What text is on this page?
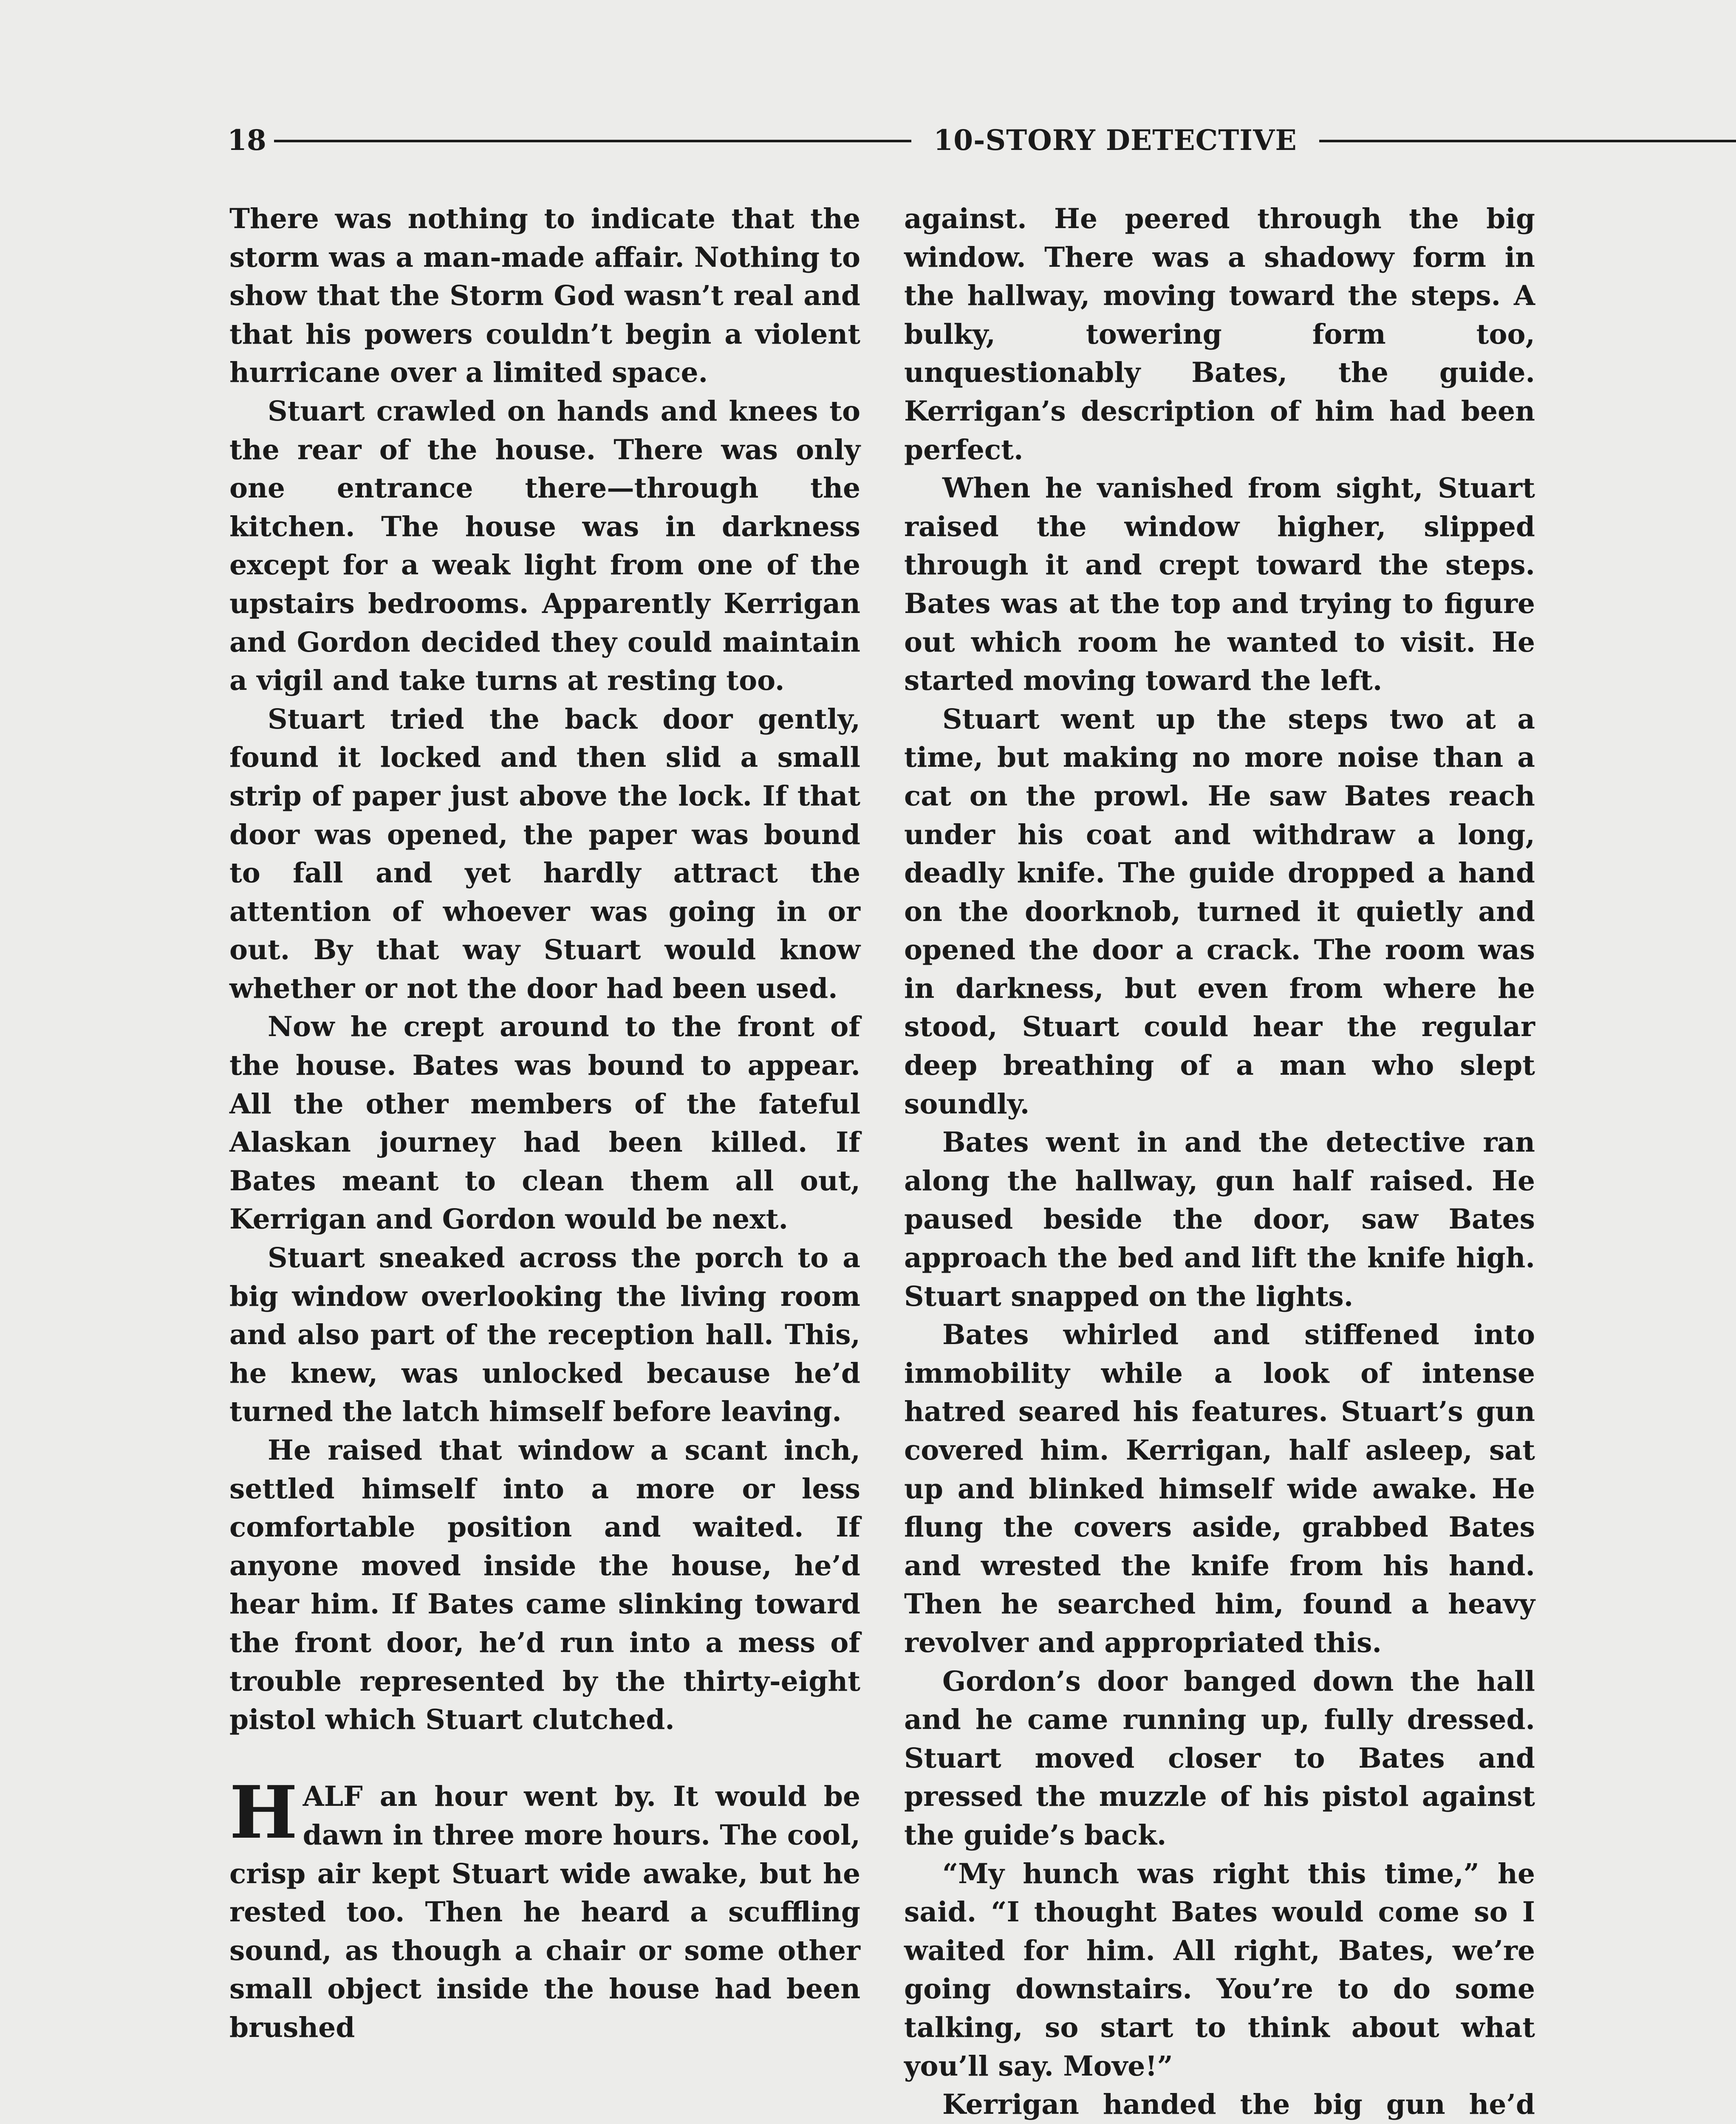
18	10-STORY DETECTIVE

There was nothing to indicate that the storm was a man-made affair. Nothing to show that the Storm God wasn’t real and that his powers couldn’t begin a violent hurricane over a limited space.

Stuart crawled on hands and knees to the rear of the house. There was only one entrance there—through the kitchen. The house was in darkness except for a weak light from one of the upstairs bedrooms. Apparently Kerrigan and Gordon decided they could maintain a vigil and take turns at resting too.

Stuart tried the back door gently, found it locked and then slid a small strip of paper just above the lock. If that door was opened, the paper was bound to fall and yet hardly attract the attention of whoever was going in or out. By that way Stuart would know whether or not the door had been used.

Now he crept around to the front of the house. Bates was bound to appear. All the other members of the fateful Alaskan journey had been killed. If Bates meant to clean them all out, Kerrigan and Gordon would be next.

Stuart sneaked across the porch to a big window overlooking the living room and also part of the reception hall. This, he knew, was unlocked because he’d turned the latch himself before leaving.

He raised that window a scant inch, settled himself into a more or less comfortable position and waited. If anyone moved inside the house, he’d hear him. If Bates came slinking toward the front door, he’d run into a mess of trouble represented by the thirty-eight pistol which Stuart clutched.

HALF an hour went by. It would be dawn in three more hours. The cool, crisp air kept Stuart wide awake, but he rested too. Then he heard a scuffling sound, as though a chair or some other small object inside the house had been brushed

against. He peered through the big window. There was a shadowy form in the hallway, moving toward the steps. A bulky, towering form too, unquestionably Bates, the guide. Kerrigan’s description of him had been perfect.

When he vanished from sight, Stuart raised the window higher, slipped through it and crept toward the steps. Bates was at the top and trying to figure out which room he wanted to visit. He started moving toward the left.

Stuart went up the steps two at a time, but making no more noise than a cat on the prowl. He saw Bates reach under his coat and withdraw a long, deadly knife. The guide dropped a hand on the doorknob, turned it quietly and opened the door a crack. The room was in darkness, but even from where he stood, Stuart could hear the regular deep breathing of a man who slept soundly.

Bates went in and the detective ran along the hallway, gun half raised. He paused beside the door, saw Bates approach the bed and lift the knife high. Stuart snapped on the lights.

Bates whirled and stiffened into immobility while a look of intense hatred seared his features. Stuart’s gun covered him. Kerrigan, half asleep, sat up and blinked himself wide awake. He flung the covers aside, grabbed Bates and wrested the knife from his hand. Then he searched him, found a heavy revolver and appropriated this.

Gordon’s door banged down the hall and he came running up, fully dressed. Stuart moved closer to Bates and pressed the muzzle of his pistol against the guide’s back.

“My hunch was right this time,” he said. “I thought Bates would come so I waited for him. All right, Bates, we’re going downstairs. You’re to do some talking, so start to think about what you’ll say. Move!”

Kerrigan handed the big gun he’d
